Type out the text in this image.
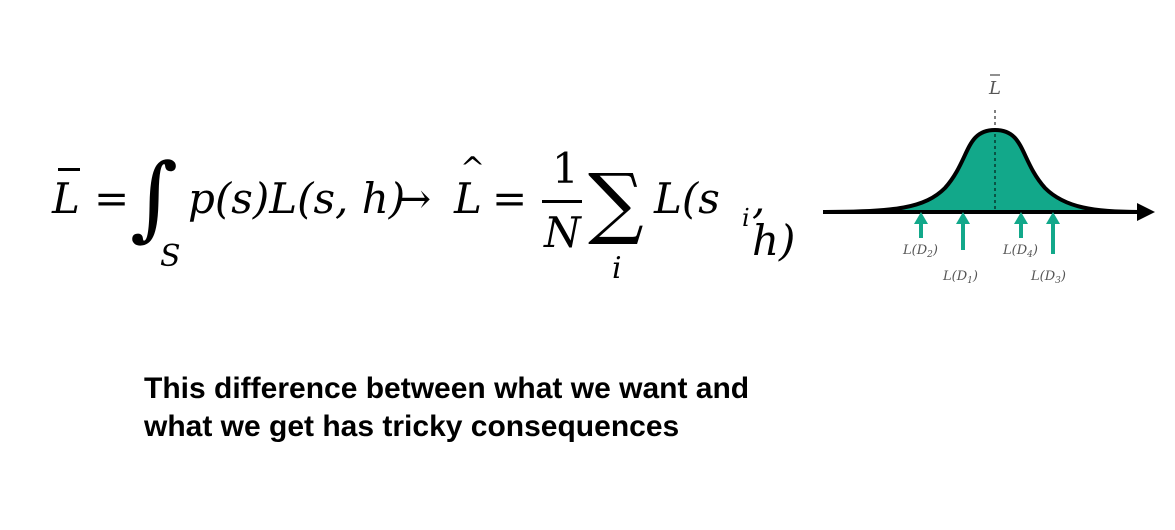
L = ∫
S
p(s)L(s, h)
→
^
L =
1
N ∑
i
L(s i , h)

This difference between what we want and what we get has tricky consequences

L
$L(D_2)$
$L(D_1)$
$L(D_4)$
$L(D_3)$
